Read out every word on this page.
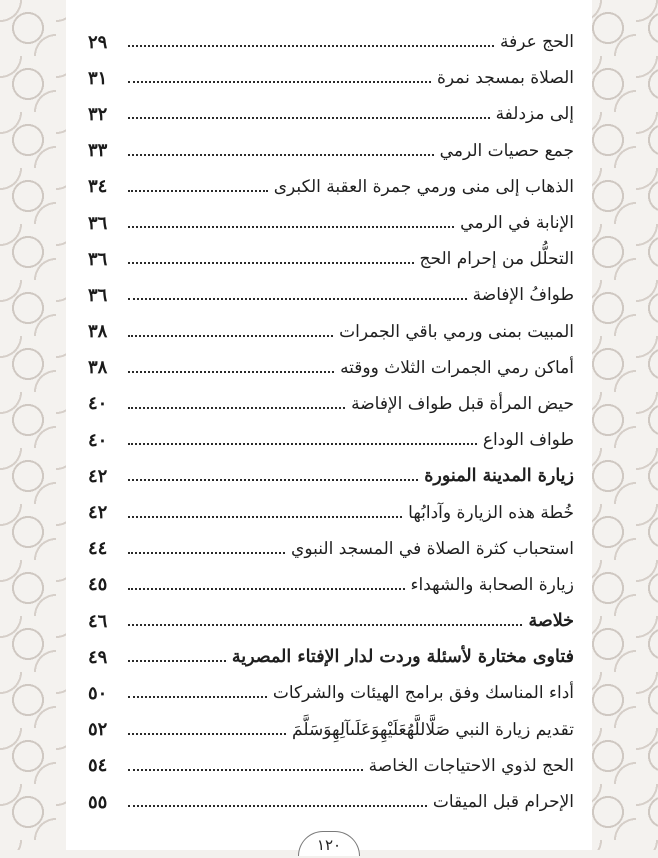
الحج عرفة
٢٩
الصلاة بمسجد نمرة
٣١
إلى مزدلفة
٣٢
جمع حصيات الرمي
٣٣
الذهاب إلى منى ورمي جمرة العقبة الكبرى
٣٤
الإنابة في الرمي
٣٦
التحلُّل من إحرام الحج
٣٦
طوافُ الإفاضة
٣٦
المبيت بمنى ورمي باقي الجمرات
٣٨
أماكن رمي الجمرات الثلاث ووقته
٣٨
حيض المرأة قبل طواف الإفاضة
٤٠
طواف الوداع
٤٠
زيارة المدينة المنورة
٤٢
خُطة هذه الزيارة وآدابُها
٤٢
استحباب كثرة الصلاة في المسجد النبوي
٤٤
زيارة الصحابة والشهداء
٤٥
خلاصة
٤٦
فتاوى مختارة لأسئلة وردت لدار الإفتاء المصرية
٤٩
أداء المناسك وفق برامج الهيئات والشركات
٥٠
تقديم زيارة النبي صَلَّاللَّهُعَلَيْهِوَعَلَىآلِهِوَسَلَّمَ
٥٢
الحج لذوي الاحتياجات الخاصة
٥٤
الإحرام قبل الميقات
٥٥
١٢٠
